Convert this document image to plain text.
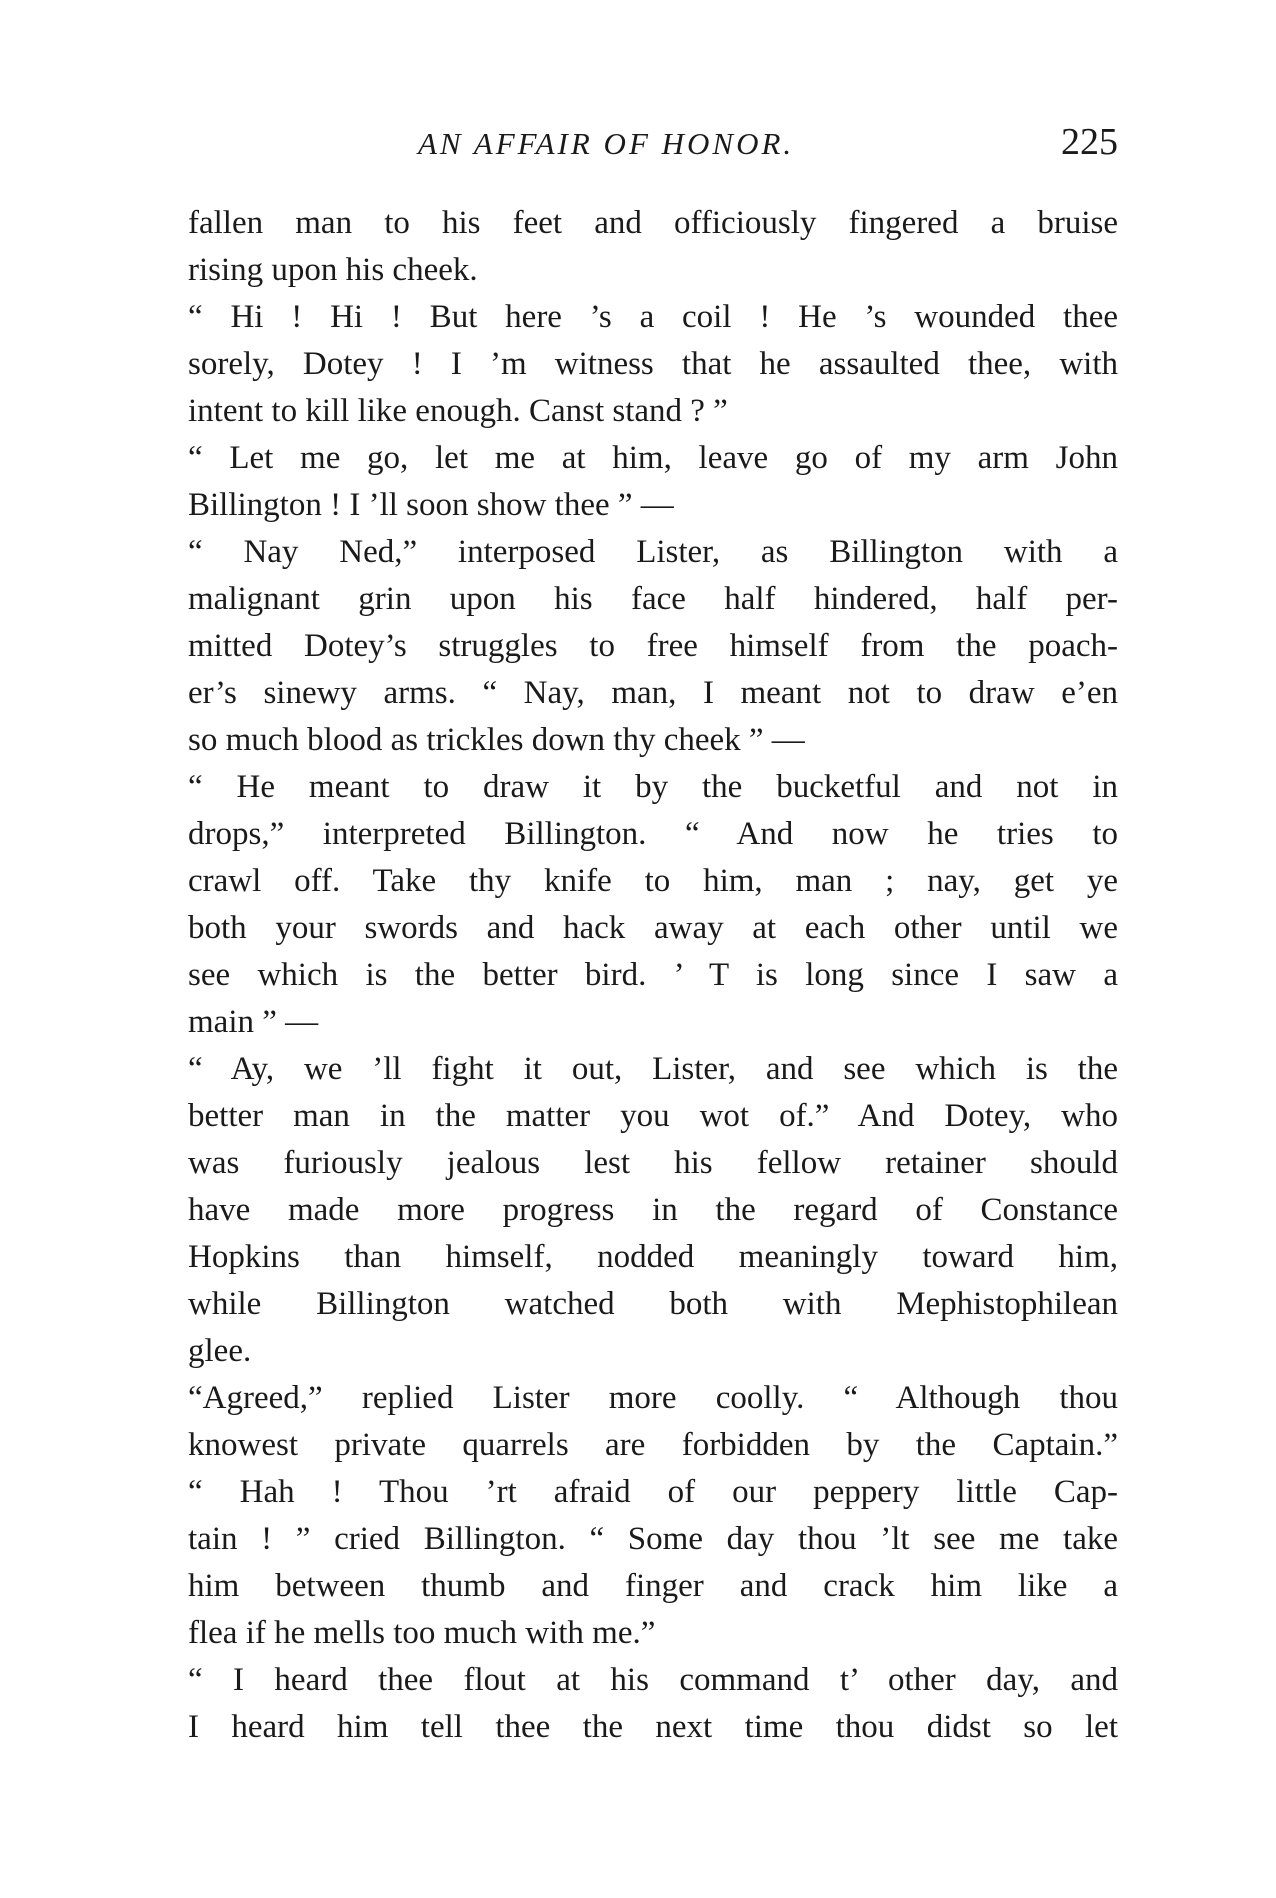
AN AFFAIR OF HONOR.	225
fallen man to his feet and officiously fingered a bruise
rising upon his cheek.
“ Hi ! Hi ! But here ’s a coil ! He ’s wounded thee
sorely, Dotey ! I ’m witness that he assaulted thee, with
intent to kill like enough. Canst stand ? ”
“ Let me go, let me at him, leave go of my arm John
Billington ! I ’ll soon show thee ” —
“ Nay Ned,” interposed Lister, as Billington with a
malignant grin upon his face half hindered, half per-
mitted Dotey’s struggles to free himself from the poach-
er’s sinewy arms. “ Nay, man, I meant not to draw e’en
so much blood as trickles down thy cheek ” —
“ He meant to draw it by the bucketful and not in
drops,” interpreted Billington. “ And now he tries to
crawl off. Take thy knife to him, man ; nay, get ye
both your swords and hack away at each other until we
see which is the better bird. ’ T is long since I saw a
main ” —
“ Ay, we ’ll fight it out, Lister, and see which is the
better man in the matter you wot of.” And Dotey, who
was furiously jealous lest his fellow retainer should
have made more progress in the regard of Constance
Hopkins than himself, nodded meaningly toward him,
while Billington watched both with Mephistophilean
glee.
“Agreed,” replied Lister more coolly. “ Although thou
knowest private quarrels are forbidden by the Captain.”
“ Hah ! Thou ’rt afraid of our peppery little Cap-
tain ! ” cried Billington. “ Some day thou ’lt see me take
him between thumb and finger and crack him like a
flea if he mells too much with me.”
“ I heard thee flout at his command t’ other day, and
I heard him tell thee the next time thou didst so let
